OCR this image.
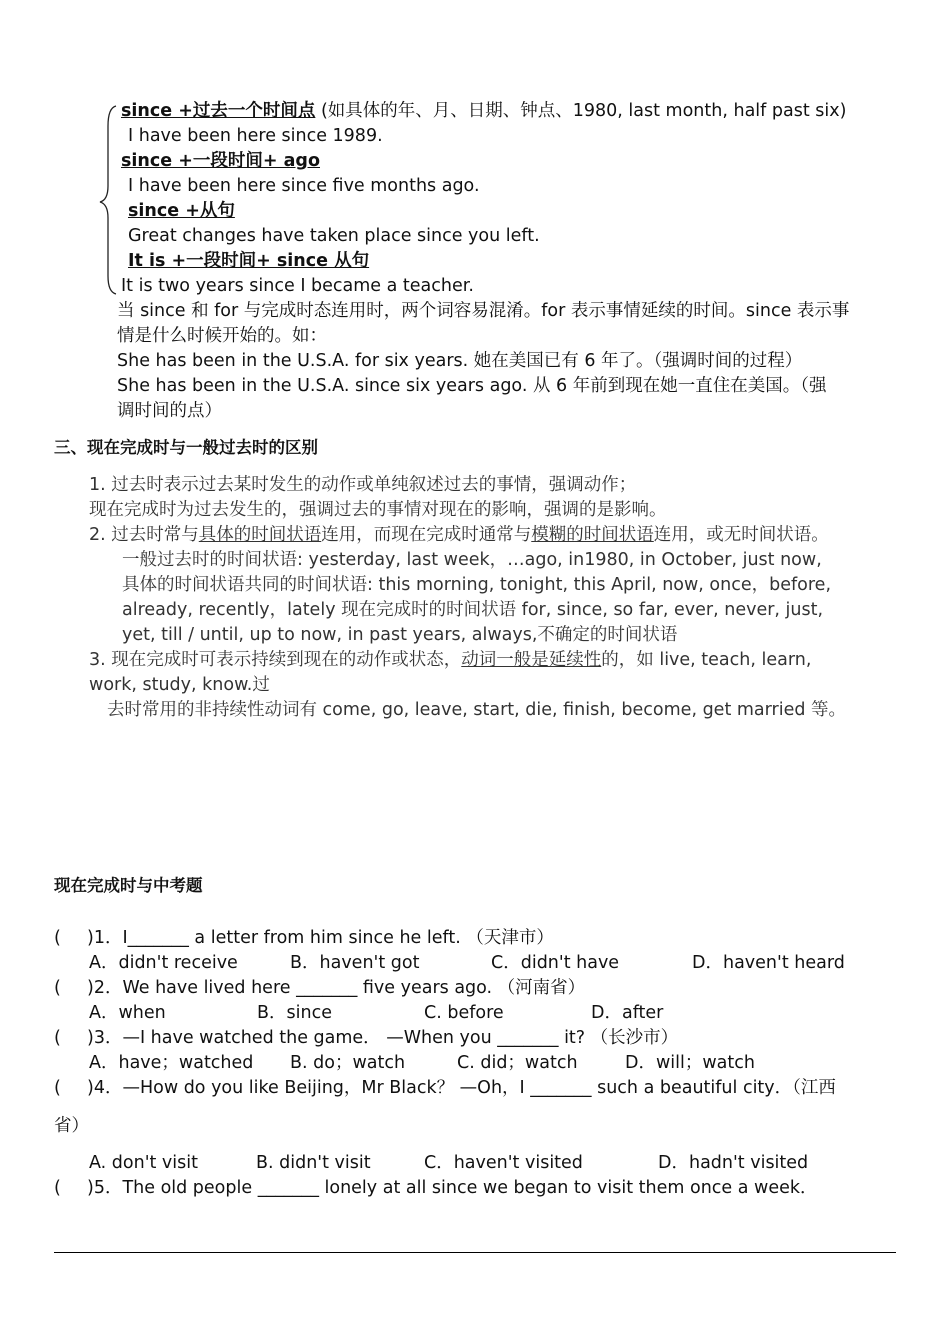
since +过去一个时间点 (如具体的年、月、日期、钟点、1980, last month, half past six)
I have been here since 1989.
since +一段时间+ ago
I have been here since five months ago.
since +从句
Great changes have taken place since you left.
It is +一段时间+ since 从句
It is two years since I became a teacher.
当 since 和 for 与完成时态连用时，两个词容易混淆。for 表示事情延续的时间。since 表示事
情是什么时候开始的。如：
She has been in the U.S.A. for six years. 她在美国已有 6 年了。（强调时间的过程）
She has been in the U.S.A. since six years ago. 从 6 年前到现在她一直住在美国。（强
调时间的点）
三、现在完成时与一般过去时的区别
1. 过去时表示过去某时发生的动作或单纯叙述过去的事情，强调动作；
现在完成时为过去发生的，强调过去的事情对现在的影响，强调的是影响。
2. 过去时常与具体的时间状语连用，而现在完成时通常与模糊的时间状语连用，或无时间状语。
一般过去时的时间状语: yesterday, last week，…ago, in1980, in October, just now,
具体的时间状语共同的时间状语: this morning, tonight, this April, now, once，before,
already, recently，lately 现在完成时的时间状语 for, since, so far, ever, never, just,
yet, till / until, up to now, in past years, always,不确定的时间状语
3. 现在完成时可表示持续到现在的动作或状态，动词一般是延续性的，如 live, teach, learn,
work, study, know.过
去时常用的非持续性动词有 come, go, leave, start, die, finish, become, get married 等。
现在完成时与中考题
( )1．I_______ a letter from him since he left. （天津市）
A．didn't receive	B．haven't got	C．didn't have	D．haven't heard
( )2．We have lived here _______ five years ago. （河南省）
A．when	B．since	C. before	D．after
( )3．—I have watched the game． —When you _______ it? （长沙市）
A．have；watched B. do；watch	C. did；watch	D．will；watch
( )4．—How do you like Beijing，Mr Black？ —Oh，I _______ such a beautiful city．（江西
省）
A. don't visit	B. didn't visit	C．haven't visited	D．hadn't visited
( )5．The old people _______ lonely at all since we began to visit them once a week．
